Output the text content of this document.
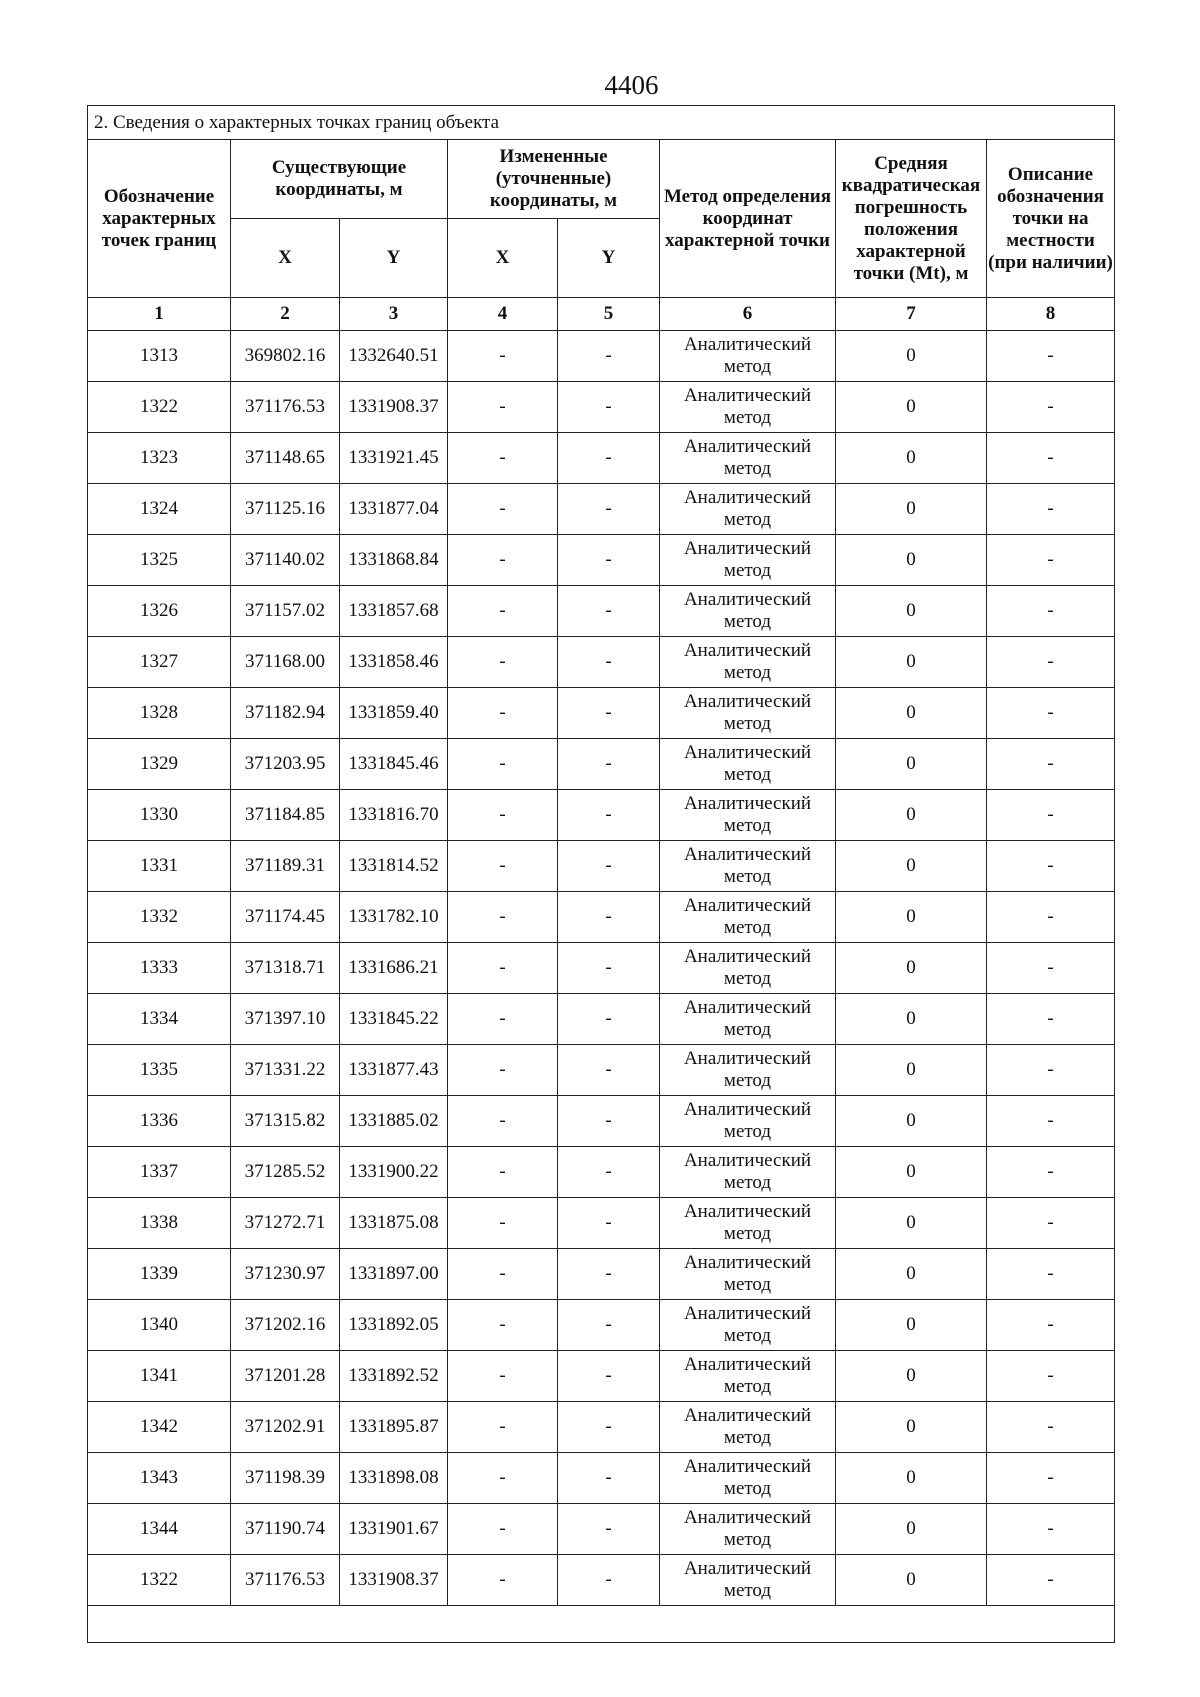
4406
2. Сведения о характерных точках границ объекта							
Обозначение характерных точек границ	Существующие координаты, м		Измененные (уточненные) координаты, м		Метод определения координат характерной точки	Средняя квадратическая погрешность положения характерной точки (Mt), м	Описание обозначения точки на местности (при наличии)
	X	Y	X	Y			
1	2	3	4	5	6	7	8
1313	369802.16	1332640.51	-	-	Аналитический метод	0	-
1322	371176.53	1331908.37	-	-	Аналитический метод	0	-
1323	371148.65	1331921.45	-	-	Аналитический метод	0	-
1324	371125.16	1331877.04	-	-	Аналитический метод	0	-
1325	371140.02	1331868.84	-	-	Аналитический метод	0	-
1326	371157.02	1331857.68	-	-	Аналитический метод	0	-
1327	371168.00	1331858.46	-	-	Аналитический метод	0	-
1328	371182.94	1331859.40	-	-	Аналитический метод	0	-
1329	371203.95	1331845.46	-	-	Аналитический метод	0	-
1330	371184.85	1331816.70	-	-	Аналитический метод	0	-
1331	371189.31	1331814.52	-	-	Аналитический метод	0	-
1332	371174.45	1331782.10	-	-	Аналитический метод	0	-
1333	371318.71	1331686.21	-	-	Аналитический метод	0	-
1334	371397.10	1331845.22	-	-	Аналитический метод	0	-
1335	371331.22	1331877.43	-	-	Аналитический метод	0	-
1336	371315.82	1331885.02	-	-	Аналитический метод	0	-
1337	371285.52	1331900.22	-	-	Аналитический метод	0	-
1338	371272.71	1331875.08	-	-	Аналитический метод	0	-
1339	371230.97	1331897.00	-	-	Аналитический метод	0	-
1340	371202.16	1331892.05	-	-	Аналитический метод	0	-
1341	371201.28	1331892.52	-	-	Аналитический метод	0	-
1342	371202.91	1331895.87	-	-	Аналитический метод	0	-
1343	371198.39	1331898.08	-	-	Аналитический метод	0	-
1344	371190.74	1331901.67	-	-	Аналитический метод	0	-
1322	371176.53	1331908.37	-	-	Аналитический метод	0	-
